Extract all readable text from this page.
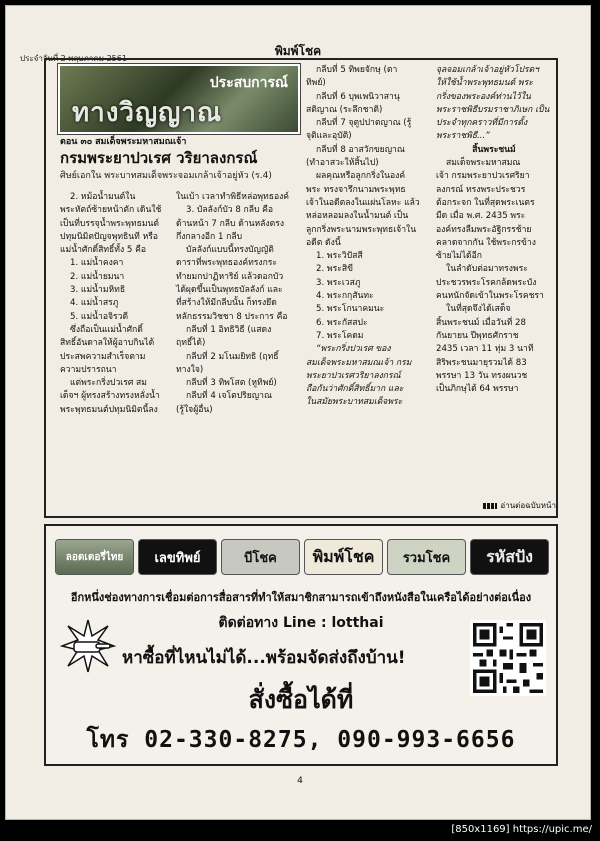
พิมพ์โชค
ประจำวันที่ 2 พฤษภาคม 2561
ประสบการณ์
ทางวิญญาณ
ตอน ๓๐ สมเด็จพระมหาสมณเจ้า
กรมพระยาปวเรศ วริยาลงกรณ์
ศิษย์เอกใน พระบาทสมเด็จพระจอมเกล้าเจ้าอยู่หัว (ร.4)

2. หม้อน้ำมนต์ใน

พระหัตถ์ซ้ายหน้าตัก เดินใช้

เป็นที่บรรจุน้ำพระพุทธมนต์

ปทุมนิมิตปัญจพุทธินที หรือ

แม่น้ำศักดิ์สิทธิ์ทั้ง 5 คือ

1. แม่น้ำคงคา

2. แม่น้ำยมนา

3. แม่น้ำมหิทธิ

4. แม่น้ำสรภู

5. แม่น้ำอจิรวดี

ซึ่งถือเป็นแม่น้ำศักดิ์

สิทธิ์อันดาลให้ผู้อาบกินได้

ประสพความสำเร็จตาม

ความปรารถนา

แต่พระกริ่งปวเรศ สม

เด็จฯ ผู้ทรงสร้างทรงหลั่งน้ำ

พระพุทธมนต์ปทุมนิมิตนี้ลง

ในเบ้า เวลาทำพิธีหล่อพุทธองค์

3. บัลลังก์บัว 8 กลีบ คือ

ด้านหน้า 7 กลีบ ด้านหลังตรง

กึ่งกลางอีก 1 กลีบ

บัลลังก์แบบนี้ทรงบัญญัติ

ดาราที่พระพุทธองค์ทรงกระ

ทำยมกปาฏิหาริย์ แล้วดอกบัว

ได้ผุดขึ้นเป็นพุทธบัลลังก์ และ

ที่สร้างให้มีกลีบนั้น ก็ทรงยึด

หลักธรรมวิชชา 8 ประการ คือ

กลีบที่ 1 อิทธิวิธี (แสดง

ฤทธิ์ได้)

กลีบที่ 2 มโนมยิทธิ (ฤทธิ์

ทางใจ)

กลีบที่ 3 ทิพโสต (หูทิพย์)

กลีบที่ 4 เจโตปริยญาณ

(รู้ใจผู้อื่น)

กลีบที่ 5 ทิพยจักษุ (ตา

ทิพย์)

กลีบที่ 6 บุพเพนิวาสานุ

สติญาณ (ระลึกชาติ)

กลีบที่ 7 จุตูปปาตญาณ (รู้

จุติและอุบัติ)

กลีบที่ 8 อาสวักขยญาณ

(ทำอาสวะให้สิ้นไป)

ผลคุณหรือลูกกริ่งในองค์

พระ ทรงจารึกนามพระพุทธ

เจ้าในอดีตลงในแผ่นโลหะ แล้ว

หล่อหลอมลงในน้ำมนต์ เป็น

ลูกกริ่งพระนามพระพุทธเจ้าใน

อดีต ดังนี้

1. พระวิปัสสี

2. พระสิขี

3. พระเวสภู

4. พระกกุสันทะ

5. พระโกนาคมนะ

6. พระกัสสปะ

7. พระโคดม

“พระกริ่งปวเรศ ของ

สมเด็จพระมหาสมณเจ้า กรม

พระยาปวเรศวริยาลงกรณ์

ถือกันว่าศักดิ์สิทธิ์มาก และ

ในสมัยพระบาทสมเด็จพระ

จุลจอมเกล้าเจ้าอยู่หัวโปรดฯ

ให้ใช้น้ำพระพุทธมนต์ พระ

กริ่งของพระองค์ท่านไว้ใน

พระราชพิธีบรมราชาภิเษก เป็น

ประจำทุกคราวที่มีการตั้ง

พระราชพิธี...”

สิ้นพระชนม์

สมเด็จพระมหาสมณ

เจ้า กรมพระยาปวเรศริยา

ลงกรณ์ ทรงพระประชวร

ต้อกระจก ในที่สุดพระเนตร

มืด เมื่อ พ.ศ. 2435 พระ

องค์ทรงลืมพระอัฐิกรรช้าย

คลาดจากกัน ใช้พระกรข้าง

ซ้ายไม่ได้อีก

ในลำดับต่อมาทรงพระ

ประชวรพระโรคกล้ดพระบัง

คนหนักจัดเข้าในพระโรคชรา

ในที่สุดจึงได้เสด็จ

สิ้นพระชนม์ เมื่อวันที่ 28

กันยายน ปีพุทธศักราช

2435 เวลา 11 ทุ่ม 3 นาที

สิริพระชนมายุรวมได้ 83

พรรษา 13 วัน ทรงผนวช

เป็นภิกษุได้ 64 พรรษา

อ่านต่อฉบับหน้า
ลอตเตอรี่ไทย	เลขทิพย์	บีโชค	พิมพ์โชค	รวมโชค	รหัสปัง
อีกหนึ่งช่องทางการเชื่อมต่อการสื่อสารที่ทำให้สมาชิกสามารถเข้าถึงหนังสือในเครือได้อย่างต่อเนื่อง
ติดต่อทาง Line : lotthai
หาซื้อที่ไหนไม่ได้...พร้อมจัดส่งถึงบ้าน!
สั่งซื้อได้ที่
โทร 02-330-8275, 090-993-6656
4
[850x1169] https://upic.me/
